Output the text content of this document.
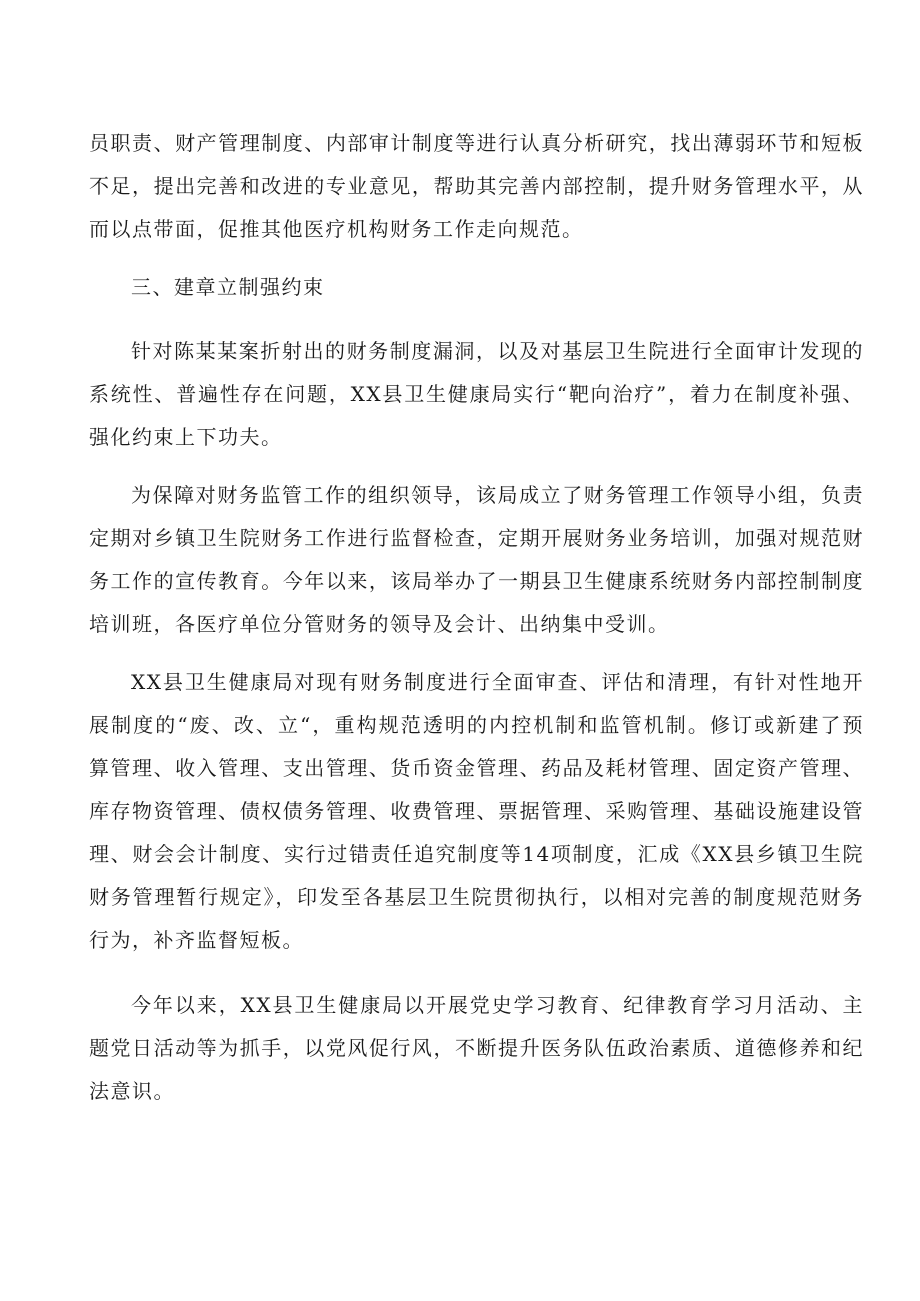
员职责、财产管理制度、内部审计制度等进行认真分析研究，找出薄弱环节和短板不足，提出完善和改进的专业意见，帮助其完善内部控制，提升财务管理水平，从而以点带面，促推其他医疗机构财务工作走向规范。

三、建章立制强约束

针对陈某某案折射出的财务制度漏洞，以及对基层卫生院进行全面审计发现的系统性、普遍性存在问题，XX县卫生健康局实行“靶向治疗”，着力在制度补强、强化约束上下功夫。

为保障对财务监管工作的组织领导，该局成立了财务管理工作领导小组，负责定期对乡镇卫生院财务工作进行监督检查，定期开展财务业务培训，加强对规范财务工作的宣传教育。今年以来，该局举办了一期县卫生健康系统财务内部控制制度培训班，各医疗单位分管财务的领导及会计、出纳集中受训。

XX县卫生健康局对现有财务制度进行全面审查、评估和清理，有针对性地开展制度的“废、改、立“，重构规范透明的内控机制和监管机制。修订或新建了预算管理、收入管理、支出管理、货币资金管理、药品及耗材管理、固定资产管理、库存物资管理、债权债务管理、收费管理、票据管理、采购管理、基础设施建设管理、财会会计制度、实行过错责任追究制度等14项制度，汇成《XX县乡镇卫生院财务管理暂行规定》，印发至各基层卫生院贯彻执行，以相对完善的制度规范财务行为，补齐监督短板。

今年以来，XX县卫生健康局以开展党史学习教育、纪律教育学习月活动、主题党日活动等为抓手，以党风促行风，不断提升医务队伍政治素质、道德修养和纪法意识。
